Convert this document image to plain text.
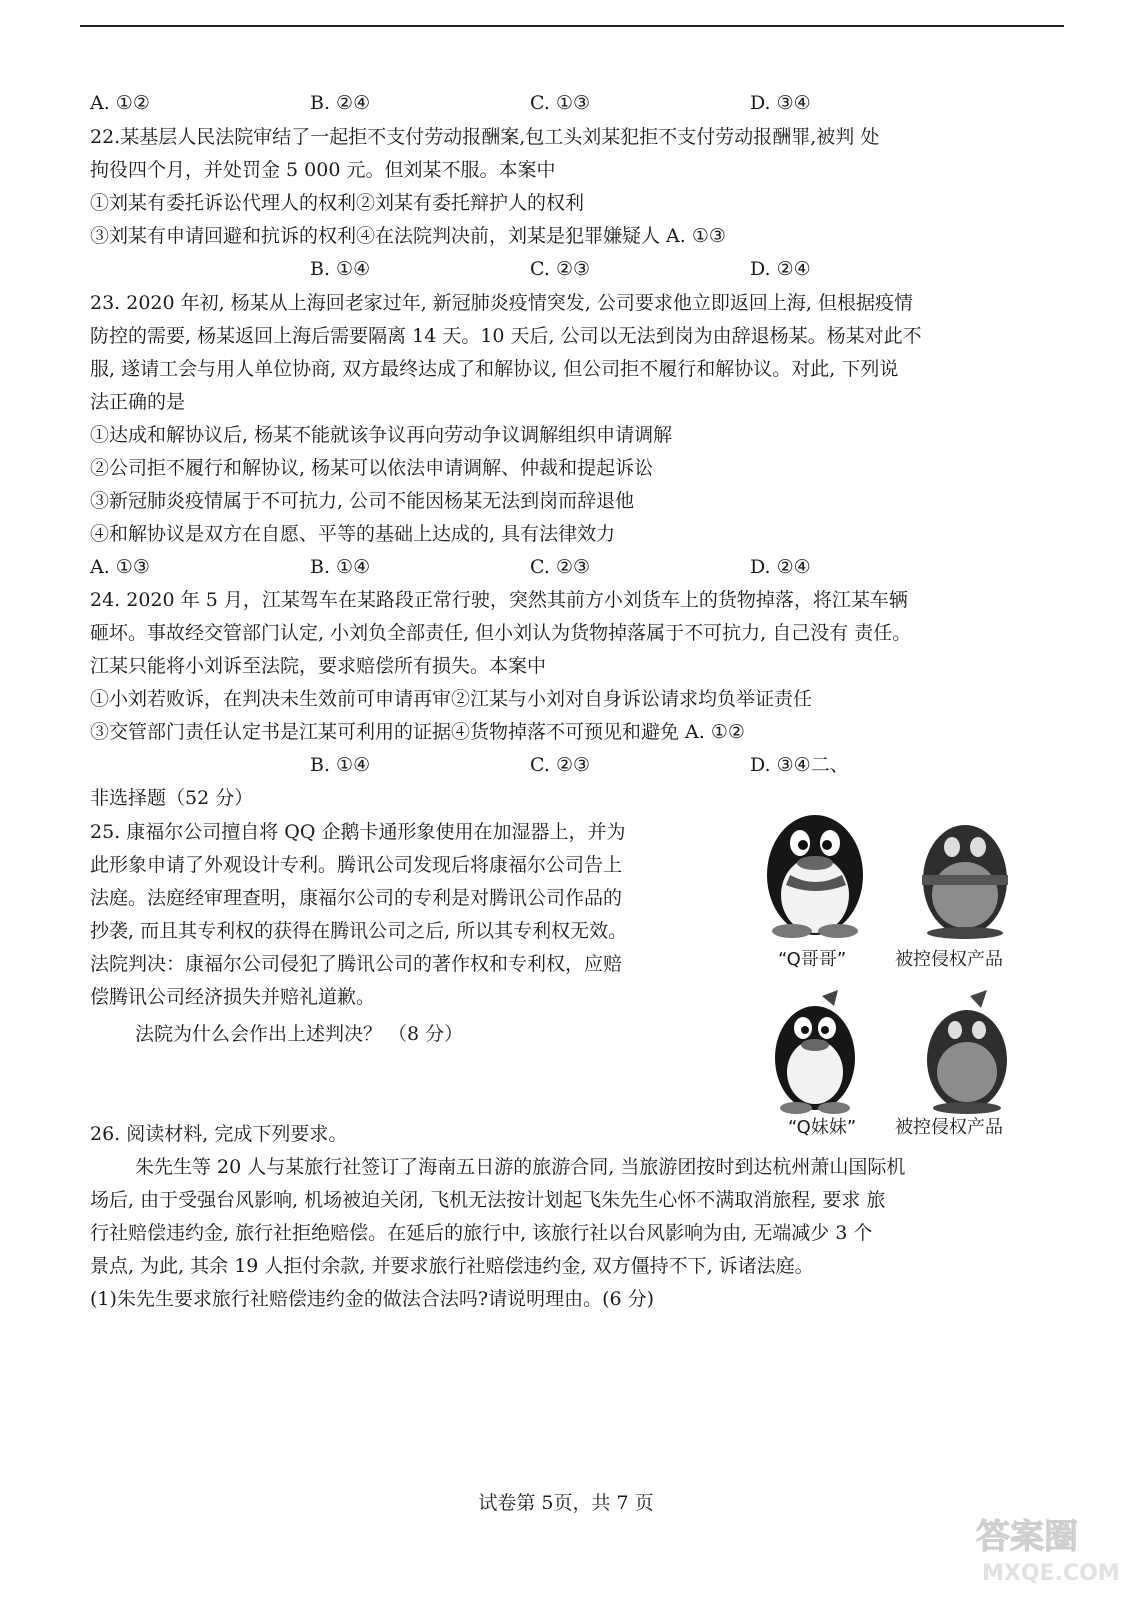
A. ①②	B. ②④	C. ①③	D. ③④
22.某基层人民法院审结了一起拒不支付劳动报酬案,包工头刘某犯拒不支付劳动报酬罪,被判 处
拘役四个月，并处罚金 5 000 元。但刘某不服。本案中
①刘某有委托诉讼代理人的权利②刘某有委托辩护人的权利
③刘某有申请回避和抗诉的权利④在法院判决前，刘某是犯罪嫌疑人 A. ①③
B. ①④	C. ②③	D. ②④
23. 2020 年初, 杨某从上海回老家过年, 新冠肺炎疫情突发, 公司要求他立即返回上海, 但根据疫情
防控的需要, 杨某返回上海后需要隔离 14 天。10 天后, 公司以无法到岗为由辞退杨某。杨某对此不
服, 遂请工会与用人单位协商, 双方最终达成了和解协议, 但公司拒不履行和解协议。对此, 下列说
法正确的是
①达成和解协议后, 杨某不能就该争议再向劳动争议调解组织申请调解
②公司拒不履行和解协议, 杨某可以依法申请调解、仲裁和提起诉讼
③新冠肺炎疫情属于不可抗力, 公司不能因杨某无法到岗而辞退他
④和解协议是双方在自愿、平等的基础上达成的, 具有法律效力
A. ①③	B. ①④	C. ②③	D. ②④
24. 2020 年 5 月，江某驾车在某路段正常行驶，突然其前方小刘货车上的货物掉落，将江某车辆
砸坏。事故经交管部门认定, 小刘负全部责任, 但小刘认为货物掉落属于不可抗力, 自己没有 责任。
江某只能将小刘诉至法院，要求赔偿所有损失。本案中
①小刘若败诉，在判决未生效前可申请再审②江某与小刘对自身诉讼请求均负举证责任
③交管部门责任认定书是江某可利用的证据④货物掉落不可预见和避免 A. ①②
B. ①④	C. ②③	D. ③④二、
非选择题（52 分）
25. 康福尔公司擅自将 QQ 企鹅卡通形象使用在加湿器上，并为
此形象申请了外观设计专利。腾讯公司发现后将康福尔公司告上
法庭。法庭经审理查明，康福尔公司的专利是对腾讯公司作品的
抄袭, 而且其专利权的获得在腾讯公司之后, 所以其专利权无效。
法院判决：康福尔公司侵犯了腾讯公司的著作权和专利权，应赔
偿腾讯公司经济损失并赔礼道歉。
法院为什么会作出上述判决？ （8 分）
“Q哥哥”	被控侵权产品
“Q妹妹” 被控侵权产品
26. 阅读材料, 完成下列要求。
朱先生等 20 人与某旅行社签订了海南五日游的旅游合同, 当旅游团按时到达杭州萧山国际机
场后, 由于受强台风影响, 机场被迫关闭, 飞机无法按计划起飞朱先生心怀不满取消旅程, 要求 旅
行社赔偿违约金, 旅行社拒绝赔偿。在延后的旅行中, 该旅行社以台风影响为由, 无端减少 3 个
景点, 为此, 其余 19 人拒付余款, 并要求旅行社赔偿违约金, 双方僵持不下, 诉诸法庭。
(1)朱先生要求旅行社赔偿违约金的做法合法吗?请说明理由。(6 分)
试卷第 5页，共 7 页
答案圈
MXQE.COM
